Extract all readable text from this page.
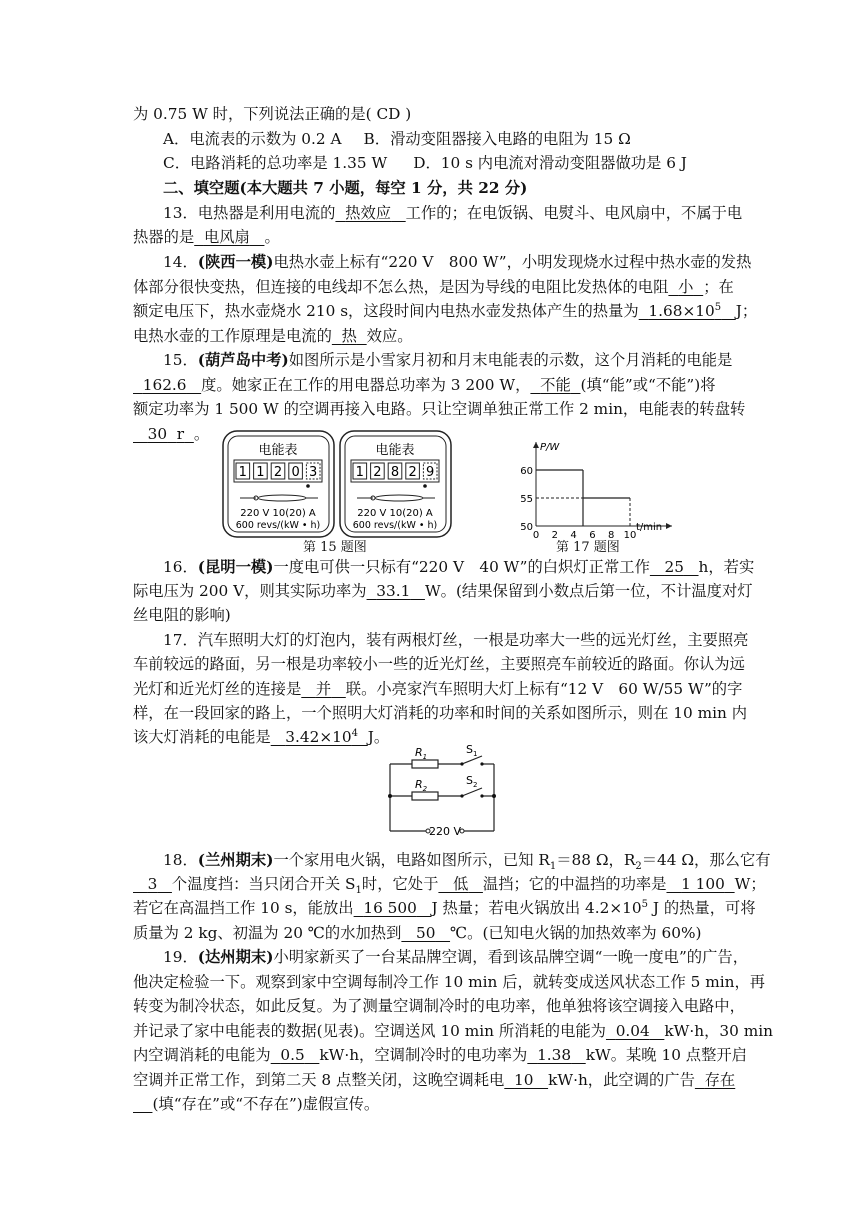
为 0.75 W 时，下列说法正确的是( CD )
A．电流表的示数为 0.2 A B．滑动变阻器接入电路的电阻为 15 Ω
C．电路消耗的总功率是 1.35 W D．10 s 内电流对滑动变阻器做功是 6 J
二、填空题(本大题共 7 小题，每空 1 分，共 22 分)
13．电热器是利用电流的 热效应 工作的；在电饭锅、电熨斗、电风扇中，不属于电
热器的是 电风扇 。
14．(陕西一模)电热水壶上标有“220 V　800 W”，小明发现烧水过程中热水壶的发热
体部分很快变热，但连接的电线却不怎么热，是因为导线的电阻比发热体的电阻 小 ；在
额定电压下，热水壶烧水 210 s，这段时间内电热水壶发热体产生的热量为 $1.68\times 10^5$ J；
电热水壶的工作原理是电流的 热 效应。
15．(葫芦岛中考)如图所示是小雪家月初和月末电能表的示数，这个月消耗的电能是
162.6 度。她家正在工作的用电器总功率为 3 200 W， 不能 (填“能”或“不能”)将
额定功率为 1 500 W 的空调再接入电路。只让空调单独正常工作 2 min，电能表的转盘转
30 r 。
电能表
1 1 2 0 3
220 V 10(20) A
600 revs/(kW • h)
电能表
1 2 8 2 9
220 V 10(20) A
600 revs/(kW • h)
第 15 题图
P/W
t/min
50
55
60
0 2 4 6 8 10
第 17 题图
16．(昆明一模)一度电可供一只标有“220 V　40 W”的白炽灯正常工作 25 h，若实
际电压为 200 V，则其实际功率为 33.1 W。(结果保留到小数点后第一位，不计温度对灯
丝电阻的影响)
17．汽车照明大灯的灯泡内，装有两根灯丝，一根是功率大一些的远光灯丝，主要照亮
车前较远的路面，另一根是功率较小一些的近光灯丝，主要照亮车前较近的路面。你认为远
光灯和近光灯丝的连接是 并 联。小亮家汽车照明大灯上标有“12 V　60 W/55 W”的字
样，在一段回家的路上，一个照明大灯消耗的功率和时间的关系如图所示，则在 10 min 内
该大灯消耗的电能是 $3.42\times 10^4$ J。
$R_1$
$R_2$
$S_1$
$S_2$
220 V
18．(兰州期末)一个家用电火锅，电路如图所示，已知 $R_1=88$ Ω，$R_2=44$ Ω，那么它有
3 个温度挡：当只闭合开关 $S_1$时，它处于 低 温挡；它的中温挡的功率是 1 100 W；
若它在高温挡工作 10 s，能放出 16 500 J 热量；若电火锅放出 $4.2\times 10^5$ J 的热量，可将
质量为 2 kg、初温为 20 ℃的水加热到 50 ℃。(已知电火锅的加热效率为 60%)
19．(达州期末)小明家新买了一台某品牌空调，看到该品牌空调“一晚一度电”的广告，
他决定检验一下。观察到家中空调每制冷工作 10 min 后，就转变成送风状态工作 5 min，再
转变为制冷状态，如此反复。为了测量空调制冷时的电功率，他单独将该空调接入电路中，
并记录了家中电能表的数据(见表)。空调送风 10 min 所消耗的电能为 0.04 kW·h，30 min
内空调消耗的电能为 0.5 kW·h，空调制冷时的电功率为 1.38 kW。某晚 10 点整开启
空调并正常工作，到第二天 8 点整关闭，这晚空调耗电 10 kW·h，此空调的广告 存在
(填“存在”或“不存在”)虚假宣传。
